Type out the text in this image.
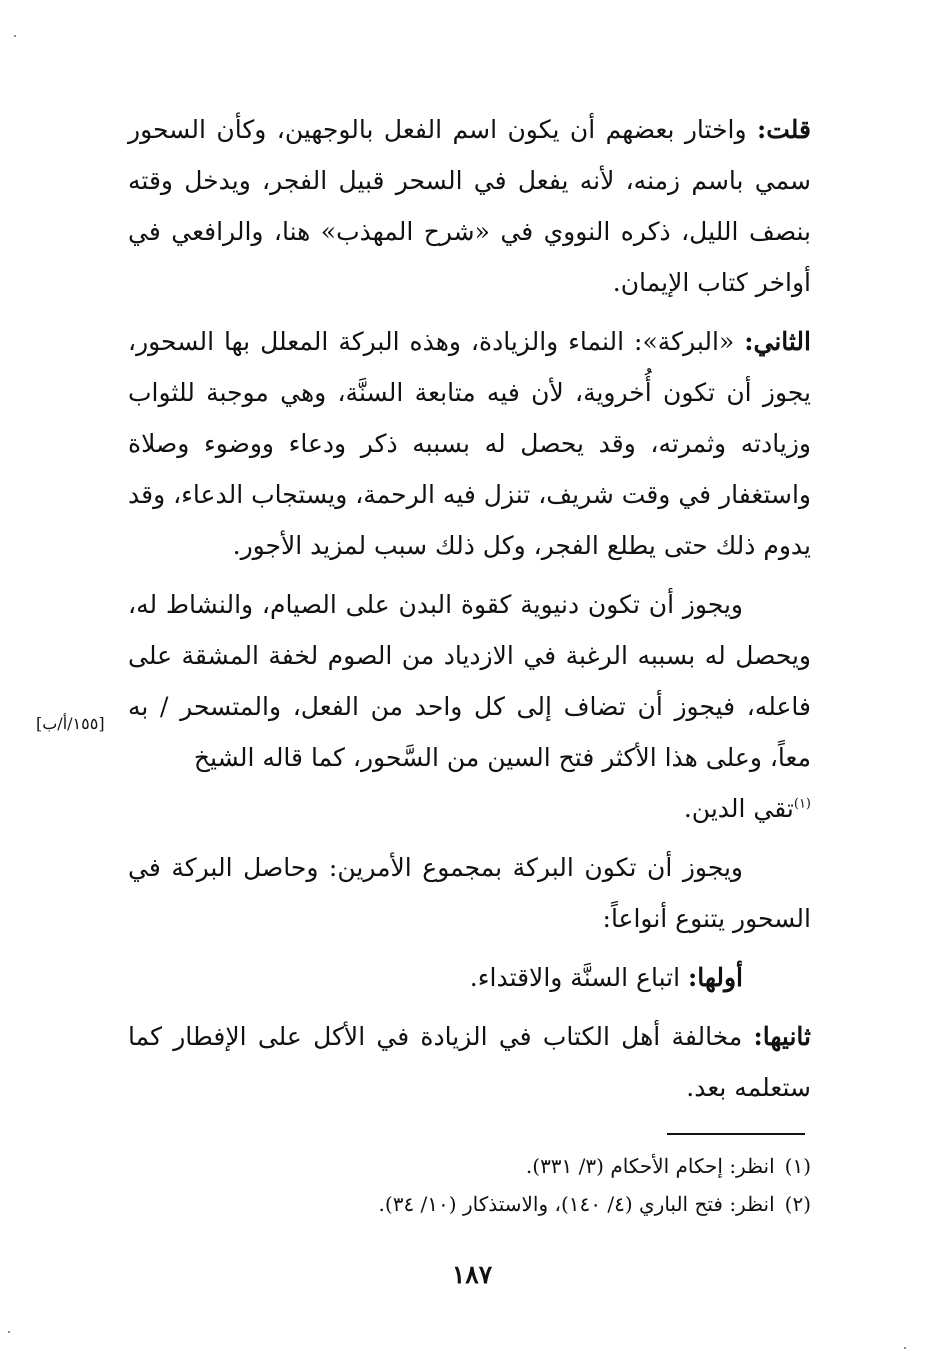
قلت: واختار بعضهم أن يكون اسم الفعل بالوجهين، وكأن السحور سمي باسم زمنه، لأنه يفعل في السحر قبيل الفجر، ويدخل وقته بنصف الليل، ذكره النووي في «شرح المهذب» هنا، والرافعي في أواخر كتاب الإيمان.

الثاني: «البركة»: النماء والزيادة، وهذه البركة المعلل بها السحور، يجوز أن تكون أُخروية، لأن فيه متابعة السنَّة، وهي موجبة للثواب وزيادته وثمرته، وقد يحصل له بسببه ذكر ودعاء ووضوء وصلاة واستغفار في وقت شريف، تنزل فيه الرحمة، ويستجاب الدعاء، وقد يدوم ذلك حتى يطلع الفجر، وكل ذلك سبب لمزيد الأجور.

ويجوز أن تكون دنيوية كقوة البدن على الصيام، والنشاط له، ويحصل له بسببه الرغبة في الازدياد من الصوم لخفة المشقة على فاعله، فيجوز أن تضاف إلى كل واحد من الفعل، والمتسحر / به معاً، وعلى هذا الأكثر فتح السين من السَّحور، كما قاله الشيخ
$^{(١)}$تقي الدين.

ويجوز أن تكون البركة بمجموع الأمرين: وحاصل البركة في السحور يتنوع أنواعاً:

أولها: اتباع السنَّة والاقتداء.

ثانيها: مخالفة أهل الكتاب في الزيادة في الأكل على الإفطار كما ستعلمه بعد.

[١٥٥/أ/ب]

(١)انظر: إحكام الأحكام (٣/ ٣٣١).

(٢)انظر: فتح الباري (٤/ ١٤٠)، والاستذكار (١٠/ ٣٤).

١٨٧
